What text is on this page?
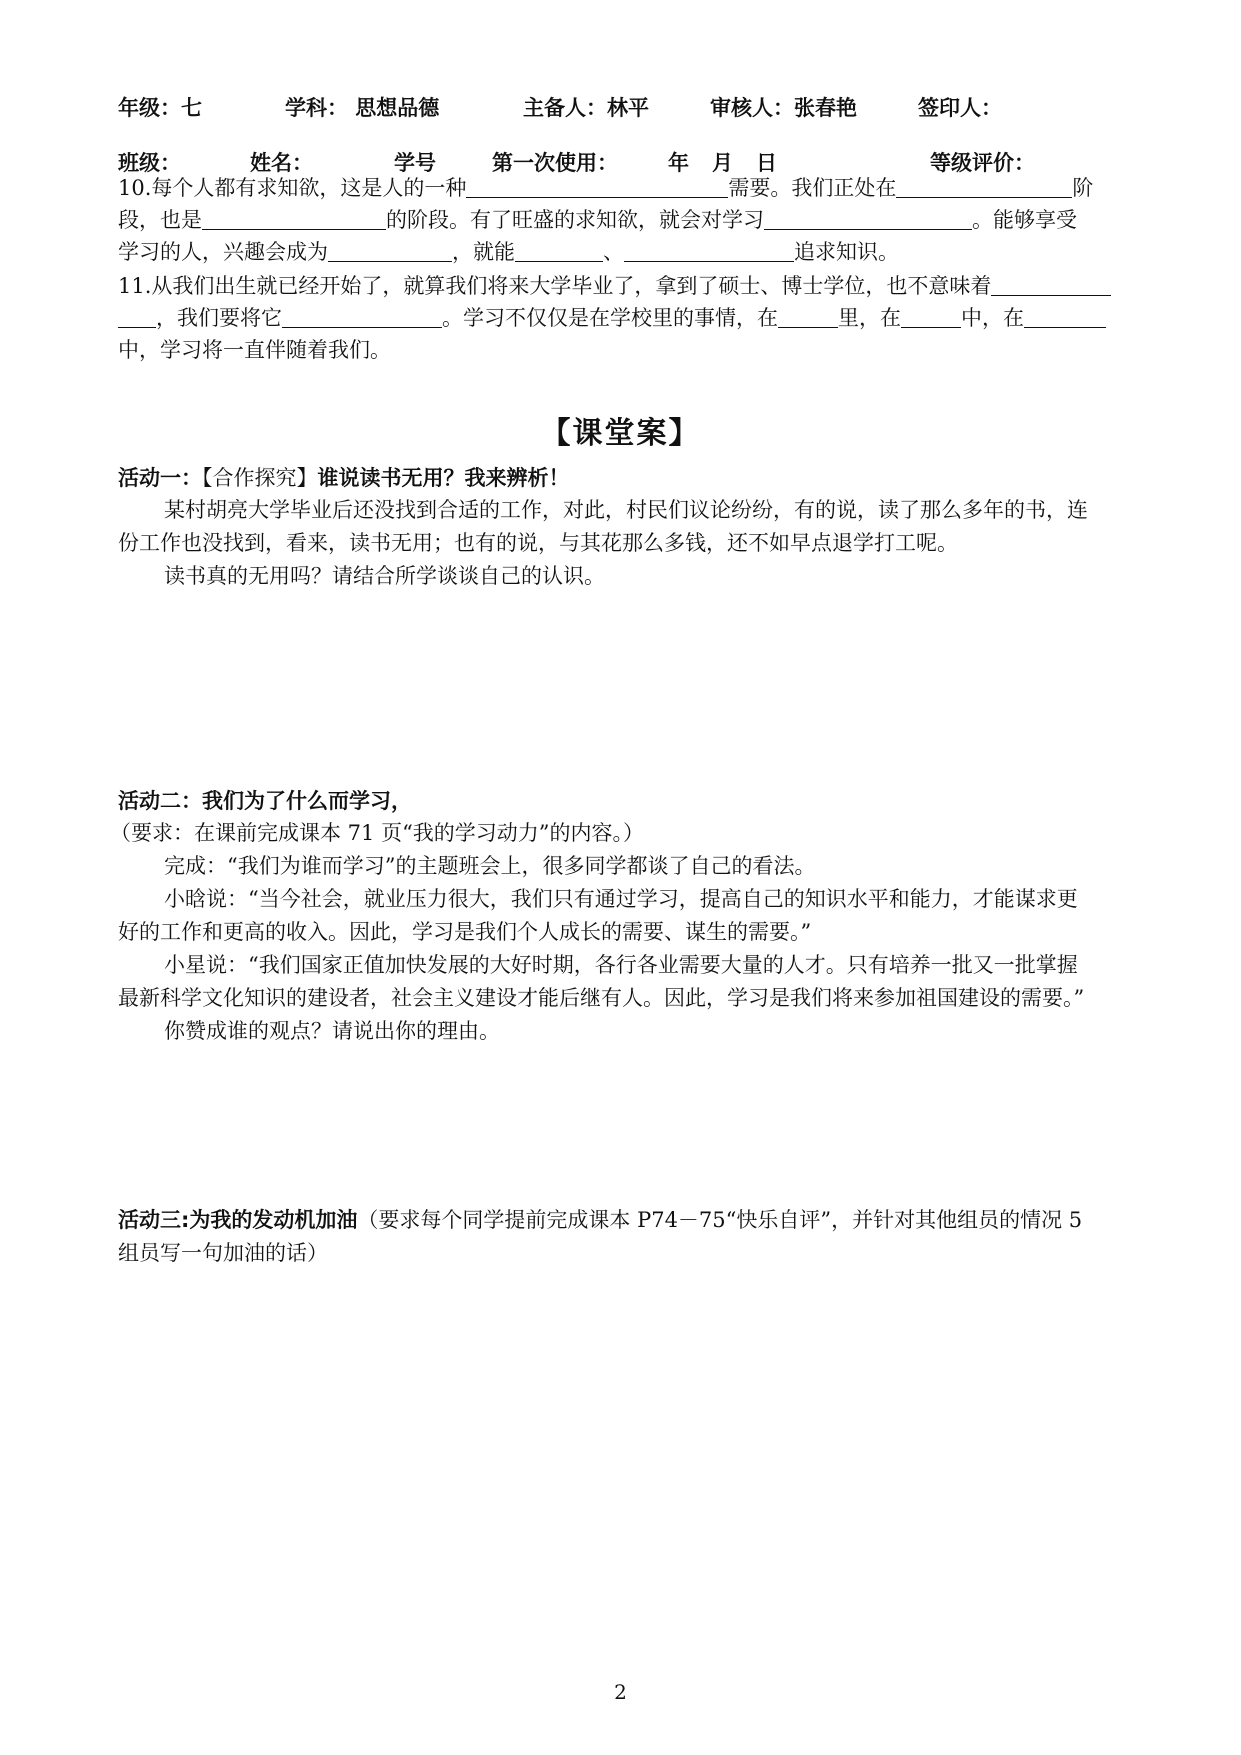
年级：七	学科： 思想品德	主备人：林平	审核人：张春艳	签印人：
班级：	姓名：	学号	第一次使用： 年 月 日	等级评价：
10.每个人都有求知欲，这是人的一种	需要。我们正处在	阶
段，也是	的阶段。有了旺盛的求知欲，就会对学习	。能够享受
学习的人，兴趣会成为	，就能	、	追求知识。
11.从我们出生就已经开始了，就算我们将来大学毕业了，拿到了硕士、博士学位，也不意味着
，我们要将它	。学习不仅仅是在学校里的事情，在	里，在	中，在
中，学习将一直伴随着我们。
【课堂案】
活动一：【合作探究】谁说读书无用？我来辨析！
某村胡亮大学毕业后还没找到合适的工作，对此，村民们议论纷纷，有的说，读了那么多年的书，连
份工作也没找到，看来，读书无用；也有的说，与其花那么多钱，还不如早点退学打工呢。
读书真的无用吗？请结合所学谈谈自己的认识。
活动二：我们为了什么而学习，
（要求：在课前完成课本 71 页“我的学习动力”的内容。）
完成：“我们为谁而学习”的主题班会上，很多同学都谈了自己的看法。
小晗说：“当今社会，就业压力很大，我们只有通过学习，提高自己的知识水平和能力，才能谋求更
好的工作和更高的收入。因此，学习是我们个人成长的需要、谋生的需要。”
小星说：“我们国家正值加快发展的大好时期，各行各业需要大量的人才。只有培养一批又一批掌握
最新科学文化知识的建设者，社会主义建设才能后继有人。因此，学习是我们将来参加祖国建设的需要。”
你赞成谁的观点？请说出你的理由。
活动三:为我的发动机加油（要求每个同学提前完成课本 P74－75“快乐自评”，并针对其他组员的情况 5
组员写一句加油的话）
2
